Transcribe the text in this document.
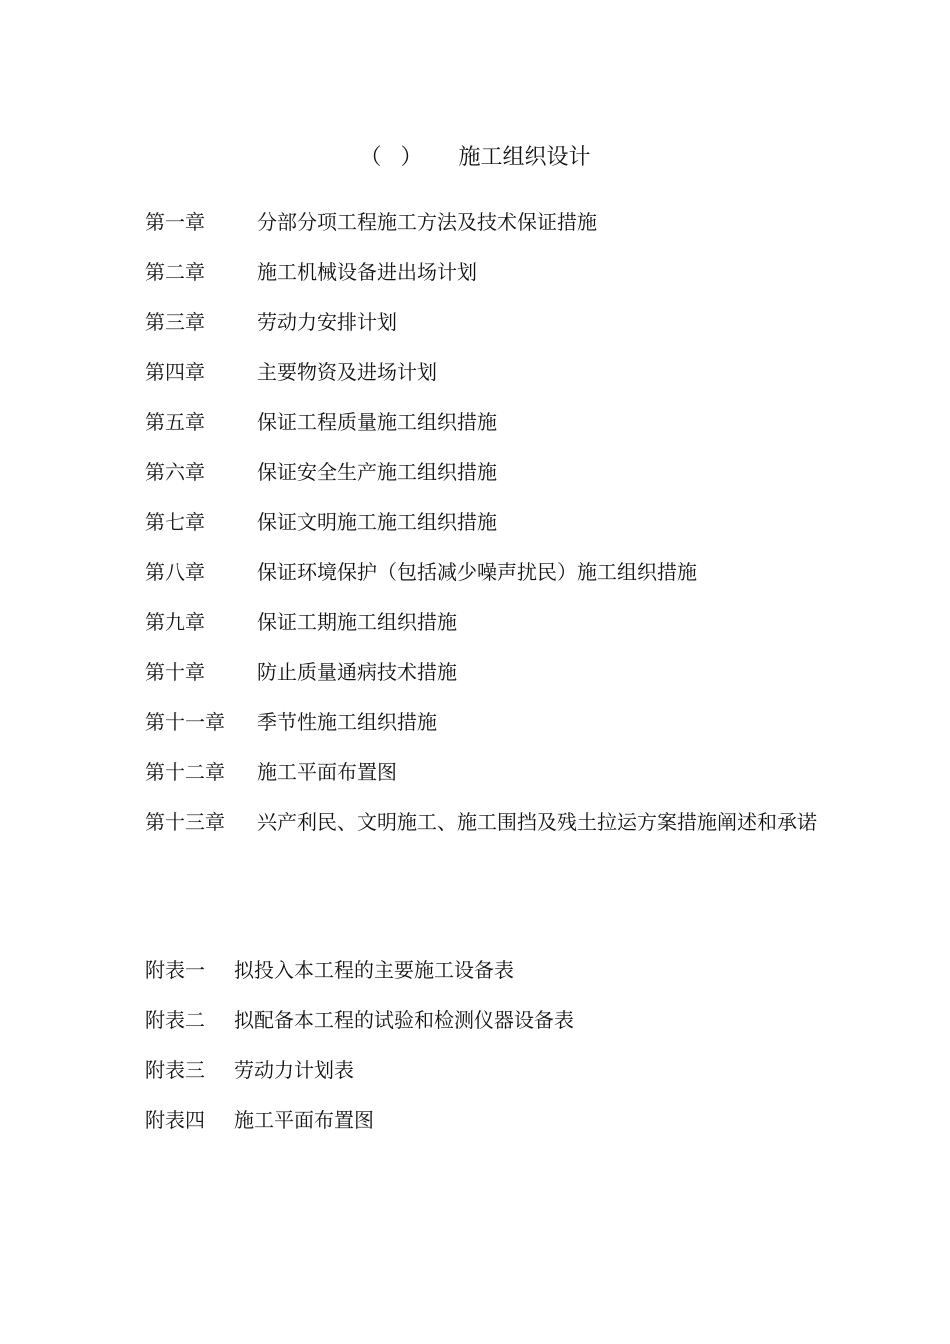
（ ） 施工组织设计
第一章	分部分项工程施工方法及技术保证措施
第二章	施工机械设备进出场计划
第三章	劳动力安排计划
第四章	主要物资及进场计划
第五章	保证工程质量施工组织措施
第六章	保证安全生产施工组织措施
第七章	保证文明施工施工组织措施
第八章	保证环境保护（包括减少噪声扰民）施工组织措施
第九章	保证工期施工组织措施
第十章	防止质量通病技术措施
第十一章 季节性施工组织措施
第十二章 施工平面布置图
第十三章 兴产利民、文明施工、施工围挡及残土拉运方案措施阐述和承诺
附表一 拟投入本工程的主要施工设备表
附表二 拟配备本工程的试验和检测仪器设备表
附表三 劳动力计划表
附表四 施工平面布置图
